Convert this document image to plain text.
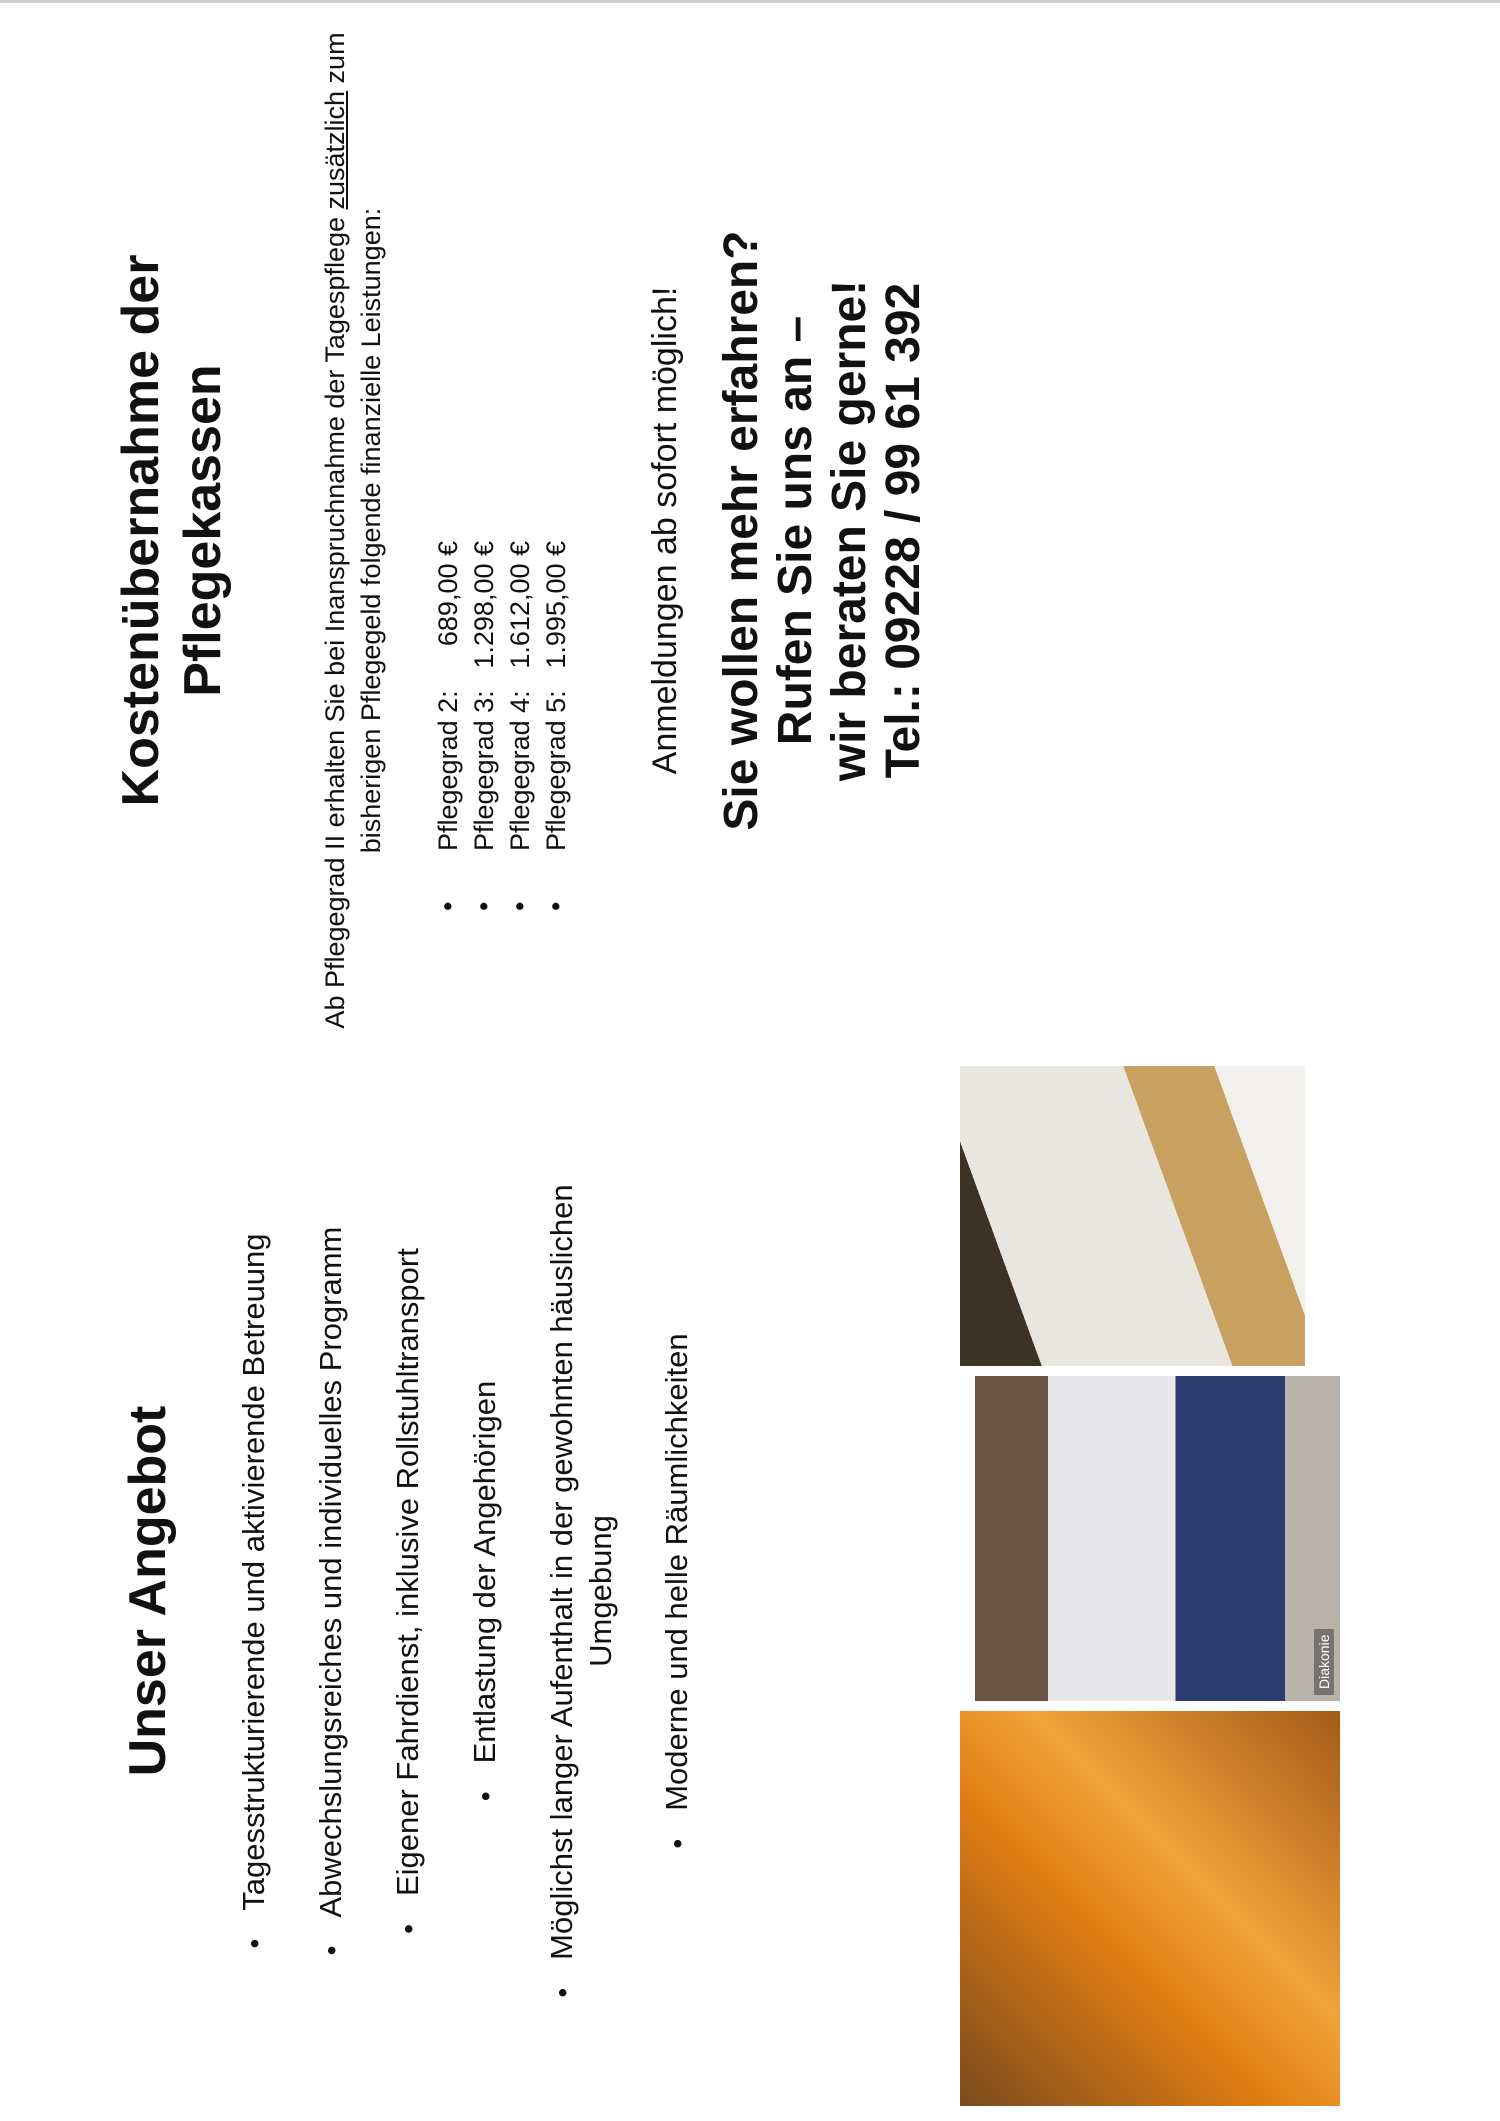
Unser Angebot
•Tagesstrukturierende und aktivierende Betreuung
•Abwechslungsreiches und individuelles Programm
•Eigener Fahrdienst, inklusive Rollstuhltransport •Entlastung der Angehörigen
•Möglichst langer Aufenthalt in der gewohnten häuslichen Umgebung
•Moderne und helle Räumlichkeiten	Diakonie
Kostenübernahme der
Pflegekassen	Ab Pflegegrad II erhalten Sie bei Inanspruchnahme der Tagespflege zusätzlich zum bisherigen Pflegegeld folgende finanzielle Leistungen:

•
Pflegegrad 2:
689,00 €
•
Pflegegrad 3:
1.298,00 €
•
Pflegegrad 4:
1.612,00 €
•
Pflegegrad 5:
1.995,00 € Anmeldungen ab sofort möglich! Sie wollen mehr erfahren? Rufen Sie uns an – wir beraten Sie gerne! Tel.: 09228 / 99 61 392
